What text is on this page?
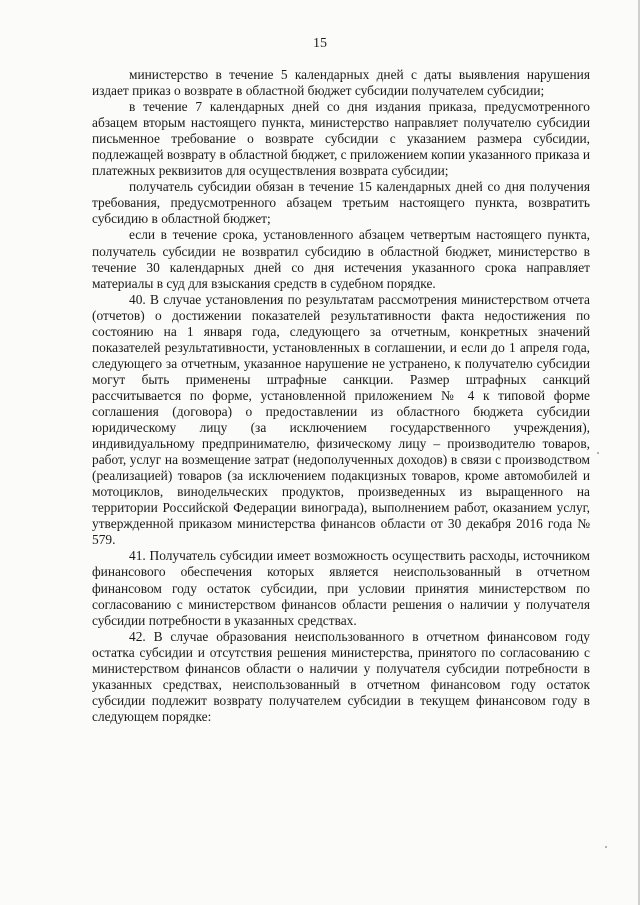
15

министерство в течение 5 календарных дней с даты выявления нарушения издает приказ о возврате в областной бюджет субсидии получателем субсидии;

в течение 7 календарных дней со дня издания приказа, предусмотренного абзацем вторым настоящего пункта, министерство направляет получателю субсидии письменное требование о возврате субсидии с указанием размера субсидии, подлежащей возврату в областной бюджет, с приложением копии указанного приказа и платежных реквизитов для осуществления возврата субсидии;

получатель субсидии обязан в течение 15 календарных дней со дня получения требования, предусмотренного абзацем третьим настоящего пункта, возвратить субсидию в областной бюджет;

если в течение срока, установленного абзацем четвертым настоящего пункта, получатель субсидии не возвратил субсидию в областной бюджет, министерство в течение 30 календарных дней со дня истечения указанного срока направляет материалы в суд для взыскания средств в судебном порядке.

40. В случае установления по результатам рассмотрения министерством отчета (отчетов) о достижении показателей результативности факта недостижения по состоянию на 1 января года, следующего за отчетным, конкретных значений показателей результативности, установленных в соглашении, и если до 1 апреля года, следующего за отчетным, указанное нарушение не устранено, к получателю субсидии могут быть применены штрафные санкции. Размер штрафных санкций рассчитывается по форме, установленной приложением № 4 к типовой форме соглашения (договора) о предоставлении из областного бюджета субсидии юридическому лицу (за исключением государственного учреждения), индивидуальному предпринимателю, физическому лицу – производителю товаров, работ, услуг на возмещение затрат (недополученных доходов) в связи с производством (реализацией) товаров (за исключением подакцизных товаров, кроме автомобилей и мотоциклов, винодельческих продуктов, произведенных из выращенного на территории Российской Федерации винограда), выполнением работ, оказанием услуг, утвержденной приказом министерства финансов области от 30 декабря 2016 года № 579.

41. Получатель субсидии имеет возможность осуществить расходы, источником финансового обеспечения которых является неиспользованный в отчетном финансовом году остаток субсидии, при условии принятия министерством по согласованию с министерством финансов области решения о наличии у получателя субсидии потребности в указанных средствах.

42. В случае образования неиспользованного в отчетном финансовом году остатка субсидии и отсутствия решения министерства, принятого по согласованию с министерством финансов области о наличии у получателя субсидии потребности в указанных средствах, неиспользованный в отчетном финансовом году остаток субсидии подлежит возврату получателем субсидии в текущем финансовом году в следующем порядке:
